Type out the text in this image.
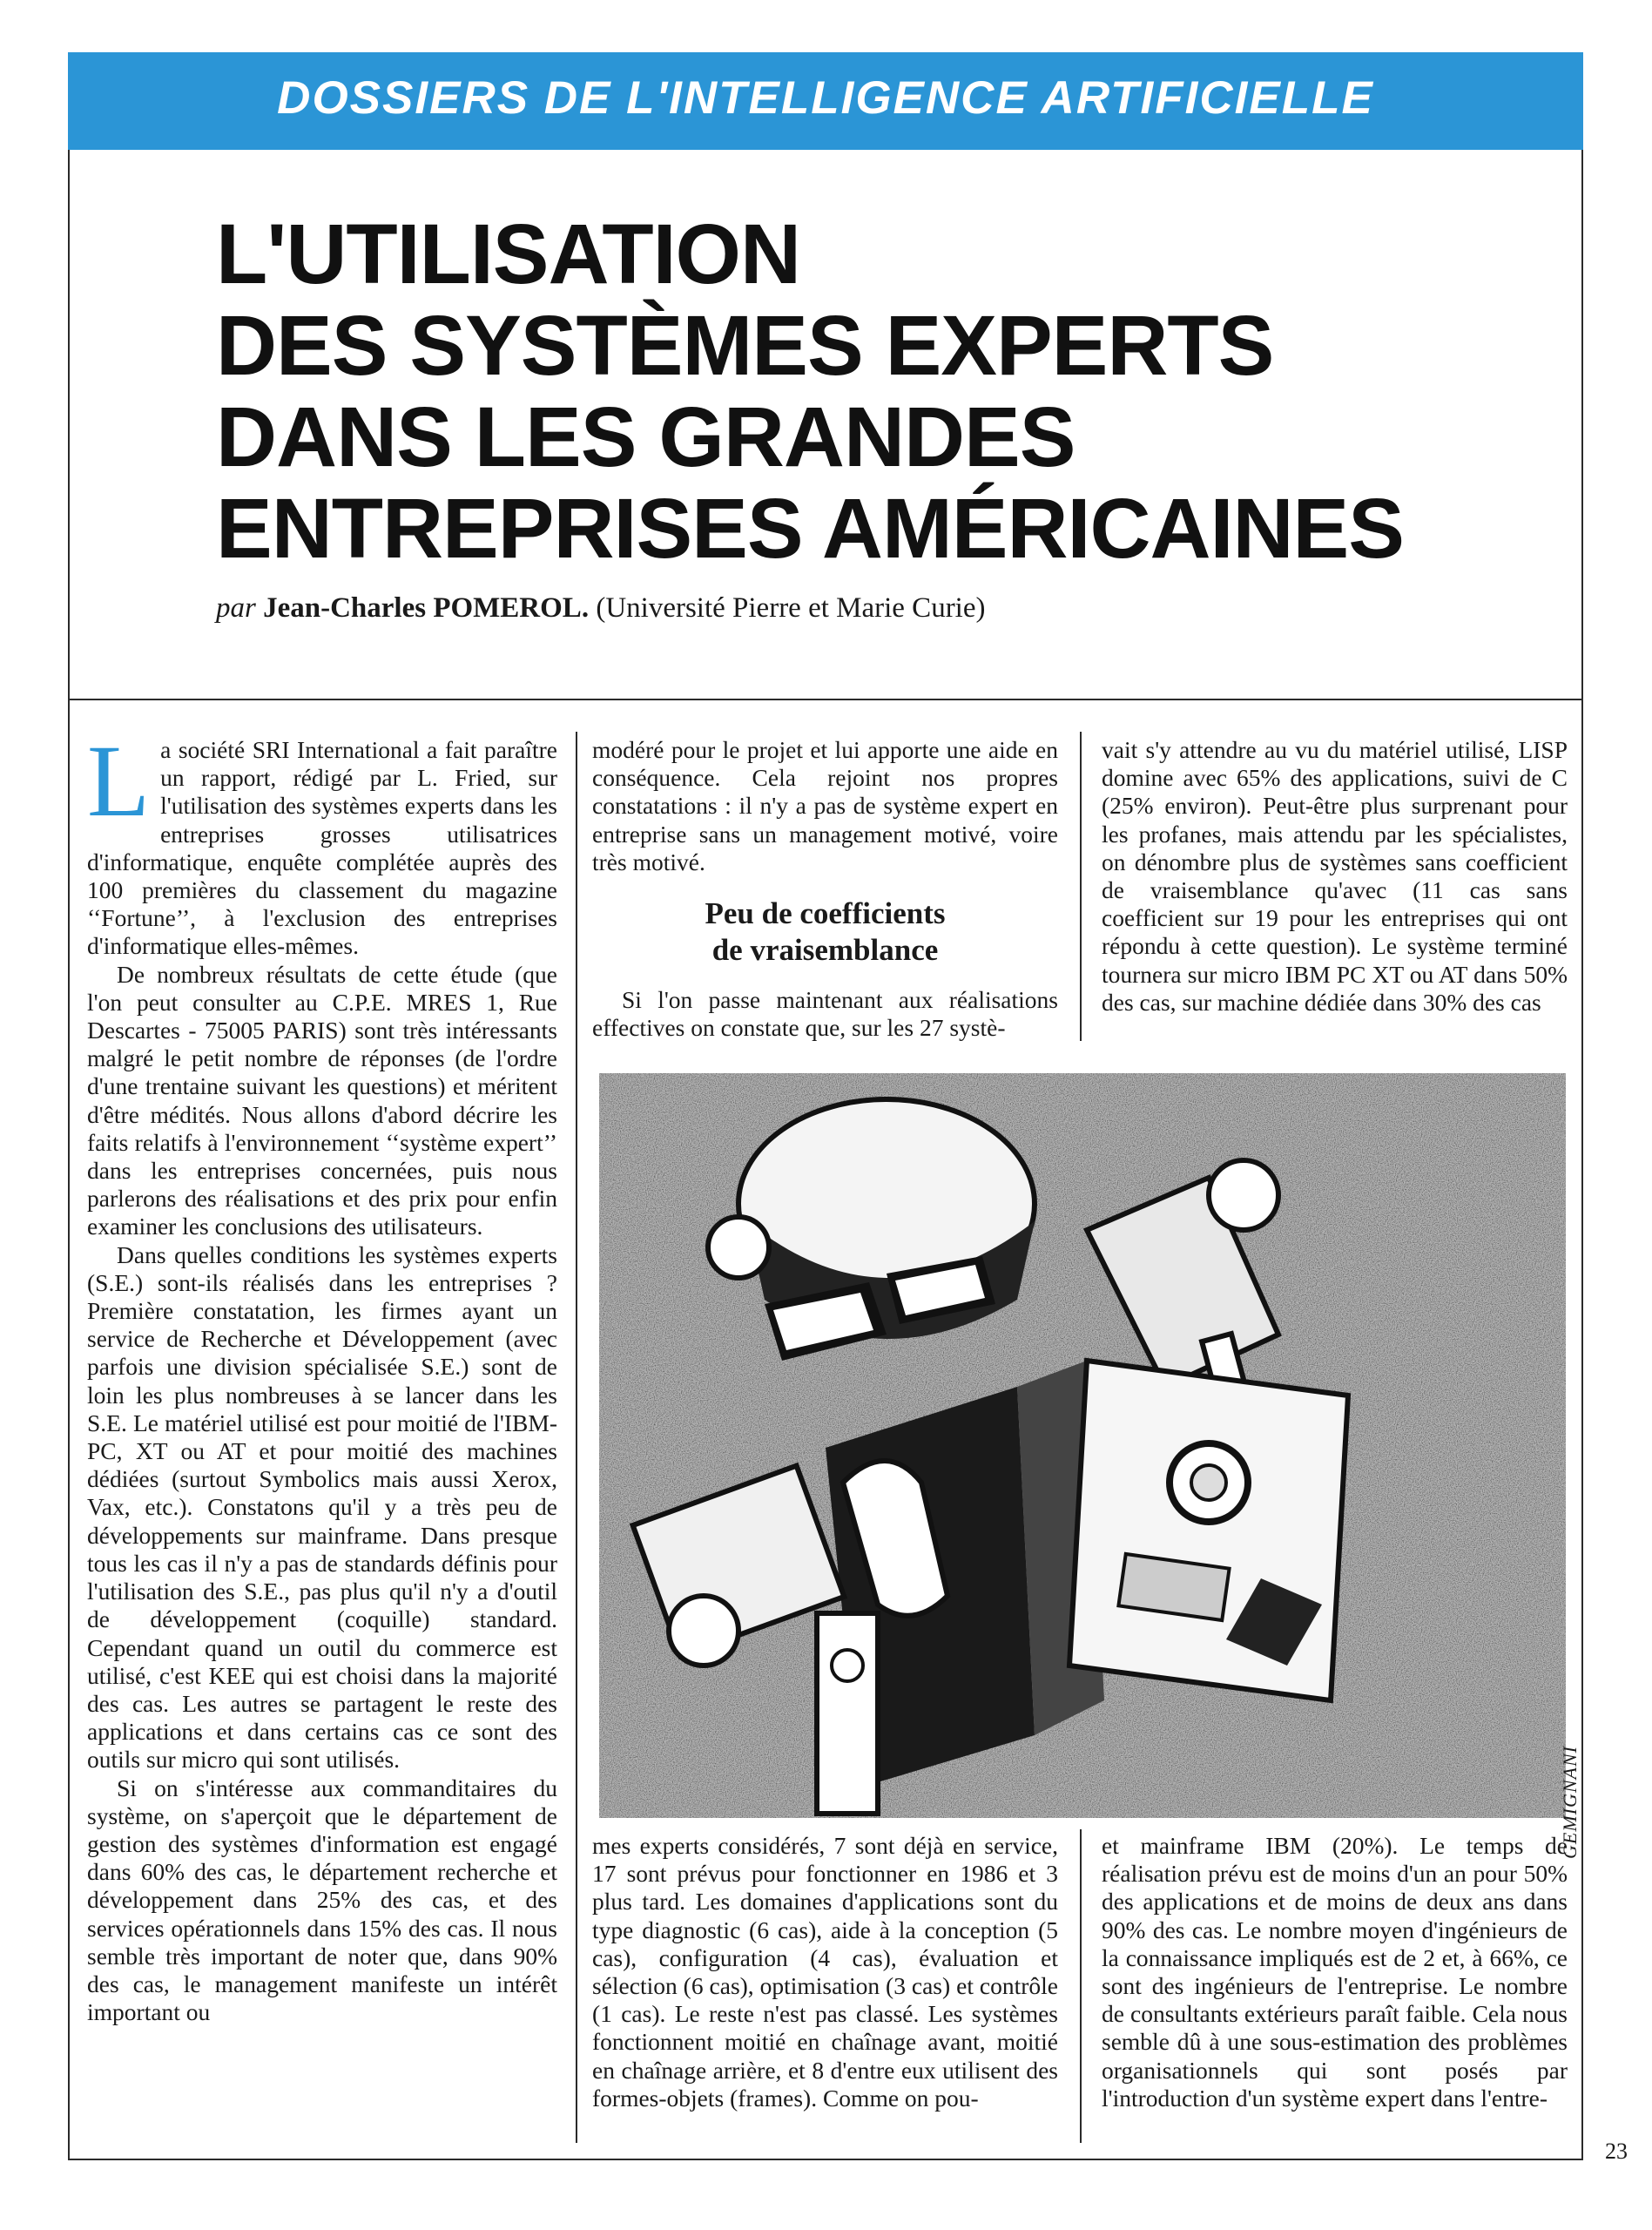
DOSSIERS DE L'INTELLIGENCE ARTIFICIELLE
L'UTILISATION
DES SYSTÈMES EXPERTS
DANS LES GRANDES
ENTREPRISES AMÉRICAINES
par Jean-Charles POMEROL. (Université Pierre et Marie Curie)

La société SRI International a fait paraître un rapport, rédigé par L. Fried, sur l'utilisation des systèmes experts dans les entreprises grosses utilisatrices d'informatique, enquête complétée auprès des 100 premières du classement du magazine ‘‘Fortune’’, à l'exclusion des entreprises d'informatique elles-mêmes.

De nombreux résultats de cette étude (que l'on peut consulter au C.P.E. MRES 1, Rue Descartes - 75005 PARIS) sont très intéressants malgré le petit nombre de réponses (de l'ordre d'une trentaine suivant les questions) et méritent d'être médités. Nous allons d'abord décrire les faits relatifs à l'environnement ‘‘système expert’’ dans les entreprises concernées, puis nous parlerons des réalisations et des prix pour enfin examiner les conclusions des utilisateurs.

Dans quelles conditions les systèmes experts (S.E.) sont-ils réalisés dans les entreprises ? Première constatation, les firmes ayant un service de Recherche et Développement (avec parfois une division spécialisée S.E.) sont de loin les plus nombreuses à se lancer dans les S.E. Le matériel utilisé est pour moitié de l'IBM-PC, XT ou AT et pour moitié des machines dédiées (surtout Symbolics mais aussi Xerox, Vax, etc.). Constatons qu'il y a très peu de développements sur mainframe. Dans presque tous les cas il n'y a pas de standards définis pour l'utilisation des S.E., pas plus qu'il n'y a d'outil de développement (coquille) standard. Cependant quand un outil du commerce est utilisé, c'est KEE qui est choisi dans la majorité des cas. Les autres se partagent le reste des applications et dans certains cas ce sont des outils sur micro qui sont utilisés.

Si on s'intéresse aux commanditaires du système, on s'aperçoit que le département de gestion des systèmes d'information est engagé dans 60% des cas, le département recherche et développement dans 25% des cas, et des services opérationnels dans 15% des cas. Il nous semble très important de noter que, dans 90% des cas, le management manifeste un intérêt important ou

modéré pour le projet et lui apporte une aide en conséquence. Cela rejoint nos propres constatations : il n'y a pas de système expert en entreprise sans un management motivé, voire très motivé.

Peu de coefficients
de vraisemblance

Si l'on passe maintenant aux réalisations effectives on constate que, sur les 27 systè-

vait s'y attendre au vu du matériel utilisé, LISP domine avec 65% des applications, suivi de C (25% environ). Peut-être plus surprenant pour les profanes, mais attendu par les spécialistes, on dénombre plus de systèmes sans coefficient de vraisemblance qu'avec (11 cas sans coefficient sur 19 pour les entreprises qui ont répondu à cette question). Le système terminé tournera sur micro IBM PC XT ou AT dans 50% des cas, sur machine dédiée dans 30% des cas

GEMIGNANI

mes experts considérés, 7 sont déjà en service, 17 sont prévus pour fonctionner en 1986 et 3 plus tard. Les domaines d'applications sont du type diagnostic (6 cas), aide à la conception (5 cas), configuration (4 cas), évaluation et sélection (6 cas), optimisation (3 cas) et contrôle (1 cas). Le reste n'est pas classé. Les systèmes fonctionnent moitié en chaînage avant, moitié en chaînage arrière, et 8 d'entre eux utilisent des formes-objets (frames). Comme on pou-

et mainframe IBM (20%). Le temps de réalisation prévu est de moins d'un an pour 50% des applications et de moins de deux ans dans 90% des cas. Le nombre moyen d'ingénieurs de la connaissance impliqués est de 2 et, à 66%, ce sont des ingénieurs de l'entreprise. Le nombre de consultants extérieurs paraît faible. Cela nous semble dû à une sous-estimation des problèmes organisationnels qui sont posés par l'introduction d'un système expert dans l'entre-

23
